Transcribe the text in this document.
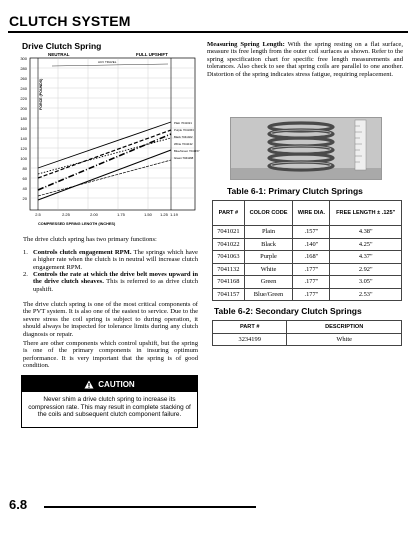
CLUTCH SYSTEM
Drive Clutch Spring
NEUTRAL	FULL UPSHIFT
ACV TRAVEL
FORCE (POUNDS)
300
280
260
240
220
200
180
160
140
120
100
80
60
40
20
2.5	2.25	2.00	1.75	1.50 1.25 1.19
COMPRESSED SPRING LENGTH (INCHES)
Plain 7041021
Purple 7041063
Black 7041022
White 7041132
Blue/Green 7041157
Green 7041168
The drive clutch spring has two primary functions:
1. Controls clutch engagement RPM. The springs which have a higher rate when the clutch is in neutral will increase clutch engagement RPM.
2. Controls the rate at which the drive belt moves upward in the drive clutch sheaves. This is referred to as drive clutch upshift.
The drive clutch spring is one of the most critical components of the PVT system. It is also one of the easiest to service. Due to the severe stress the coil spring is subject to during operation, it should always be inspected for tolerance limits during any clutch diagnosis or repair.
There are other components which control upshift, but the spring is one of the primary components in insuring optimum performance. It is very important that the spring is of good condition.
CAUTION
Never shim a drive clutch spring to increase its compression rate. This may result in complete stacking of the coils and subsequent clutch component failure.
Measuring Spring Length: With the spring resting on a flat surface, measure its free length from the outer coil surfaces as shown. Refer to the spring specification chart for specific free length measurements and tolerances. Also check to see that spring coils are parallel to one another. Distortion of the spring indicates stress fatigue, requiring replacement.
Table 6-1: Primary Clutch Springs
PART #	COLOR CODE	WIRE DIA.	FREE LENGTH ± .125"
7041021	Plain	.157"	4.38"
7041022	Black	.140"	4.25"
7041063	Purple	.168"	4.37"
7041132	White	.177"	2.92"
7041168	Green	.177"	3.05"
7041157	Blue/Green	.177"	2.53"
Table 6-2: Secondary Clutch Springs
PART #	DESCRIPTION
3234199	White
6.8
